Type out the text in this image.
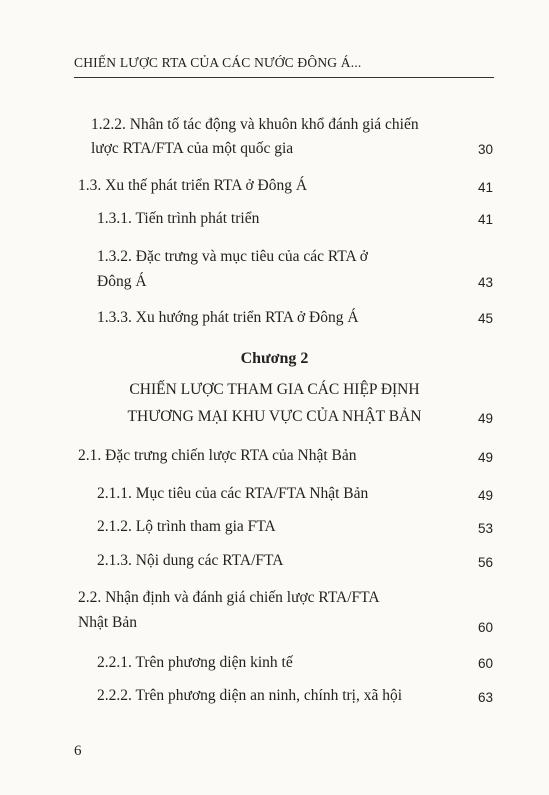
CHIẾN LƯỢC RTA CỦA CÁC NƯỚC ĐÔNG Á...
1.2.2. Nhân tố tác động và khuôn khổ đánh giá chiến
lược RTA/FTA của một quốc gia	30
1.3. Xu thế phát triển RTA ở Đông Á	41
1.3.1. Tiến trình phát triển	41
1.3.2. Đặc trưng và mục tiêu của các RTA ở
Đông Á	43
1.3.3. Xu hướng phát triển RTA ở Đông Á	45
Chương 2
CHIẾN LƯỢC THAM GIA CÁC HIỆP ĐỊNH
THƯƠNG MẠI KHU VỰC CỦA NHẬT BẢN	49
2.1. Đặc trưng chiến lược RTA của Nhật Bản	49
2.1.1. Mục tiêu của các RTA/FTA Nhật Bản	49
2.1.2. Lộ trình tham gia FTA	53
2.1.3. Nội dung các RTA/FTA	56
2.2. Nhận định và đánh giá chiến lược RTA/FTA
Nhật Bản	60
2.2.1. Trên phương diện kinh tế	60
2.2.2. Trên phương diện an ninh, chính trị, xã hội	63
6
